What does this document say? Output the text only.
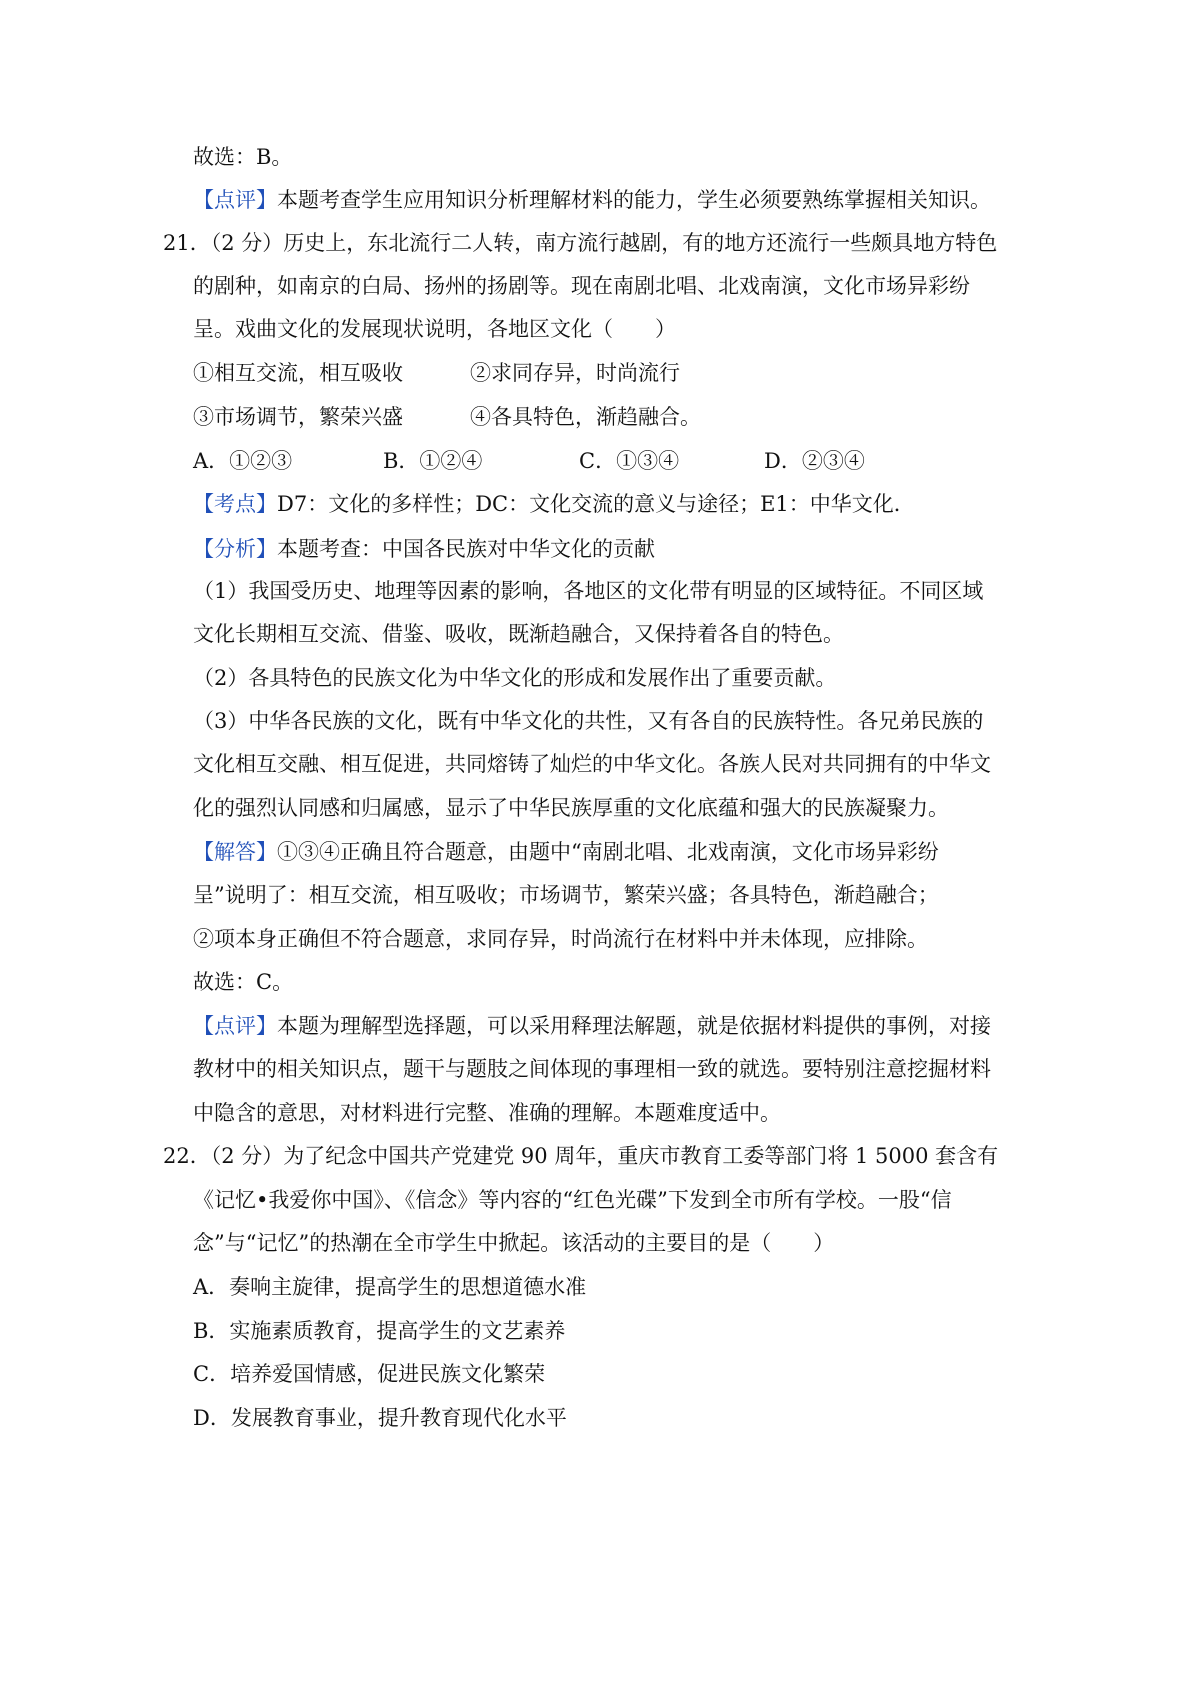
故选：B。
【点评】本题考查学生应用知识分析理解材料的能力，学生必须要熟练掌握相关知识。
21．（2 分）历史上，东北流行二人转，南方流行越剧，有的地方还流行一些颇具地方特色
的剧种，如南京的白局、扬州的扬剧等。现在南剧北唱、北戏南演，文化市场异彩纷
呈。戏曲文化的发展现状说明，各地区文化（　　）
①相互交流，相互吸收	②求同存异，时尚流行
③市场调节，繁荣兴盛	④各具特色，渐趋融合。
A．①②③	B．①②④	C．①③④	D．②③④
【考点】D7：文化的多样性；DC：文化交流的意义与途径；E1：中华文化．
【分析】本题考查：中国各民族对中华文化的贡献
（1）我国受历史、地理等因素的影响，各地区的文化带有明显的区域特征。不同区域
文化长期相互交流、借鉴、吸收，既渐趋融合，又保持着各自的特色。
（2）各具特色的民族文化为中华文化的形成和发展作出了重要贡献。
（3）中华各民族的文化，既有中华文化的共性，又有各自的民族特性。各兄弟民族的
文化相互交融、相互促进，共同熔铸了灿烂的中华文化。各族人民对共同拥有的中华文
化的强烈认同感和归属感，显示了中华民族厚重的文化底蕴和强大的民族凝聚力。
【解答】①③④正确且符合题意，由题中“南剧北唱、北戏南演，文化市场异彩纷
呈”说明了：相互交流，相互吸收；市场调节，繁荣兴盛；各具特色，渐趋融合；
②项本身正确但不符合题意，求同存异，时尚流行在材料中并未体现，应排除。
故选：C。
【点评】本题为理解型选择题，可以采用释理法解题，就是依据材料提供的事例，对接
教材中的相关知识点，题干与题肢之间体现的事理相一致的就选。要特别注意挖掘材料
中隐含的意思，对材料进行完整、准确的理解。本题难度适中。
22．（2 分）为了纪念中国共产党建党 90 周年，重庆市教育工委等部门将 1 5000 套含有
《记忆•我爱你中国》、《信念》等内容的“红色光碟”下发到全市所有学校。一股“信
念”与“记忆”的热潮在全市学生中掀起。该活动的主要目的是（　　）
A．奏响主旋律，提高学生的思想道德水准
B．实施素质教育，提高学生的文艺素养
C．培养爱国情感，促进民族文化繁荣
D．发展教育事业，提升教育现代化水平
